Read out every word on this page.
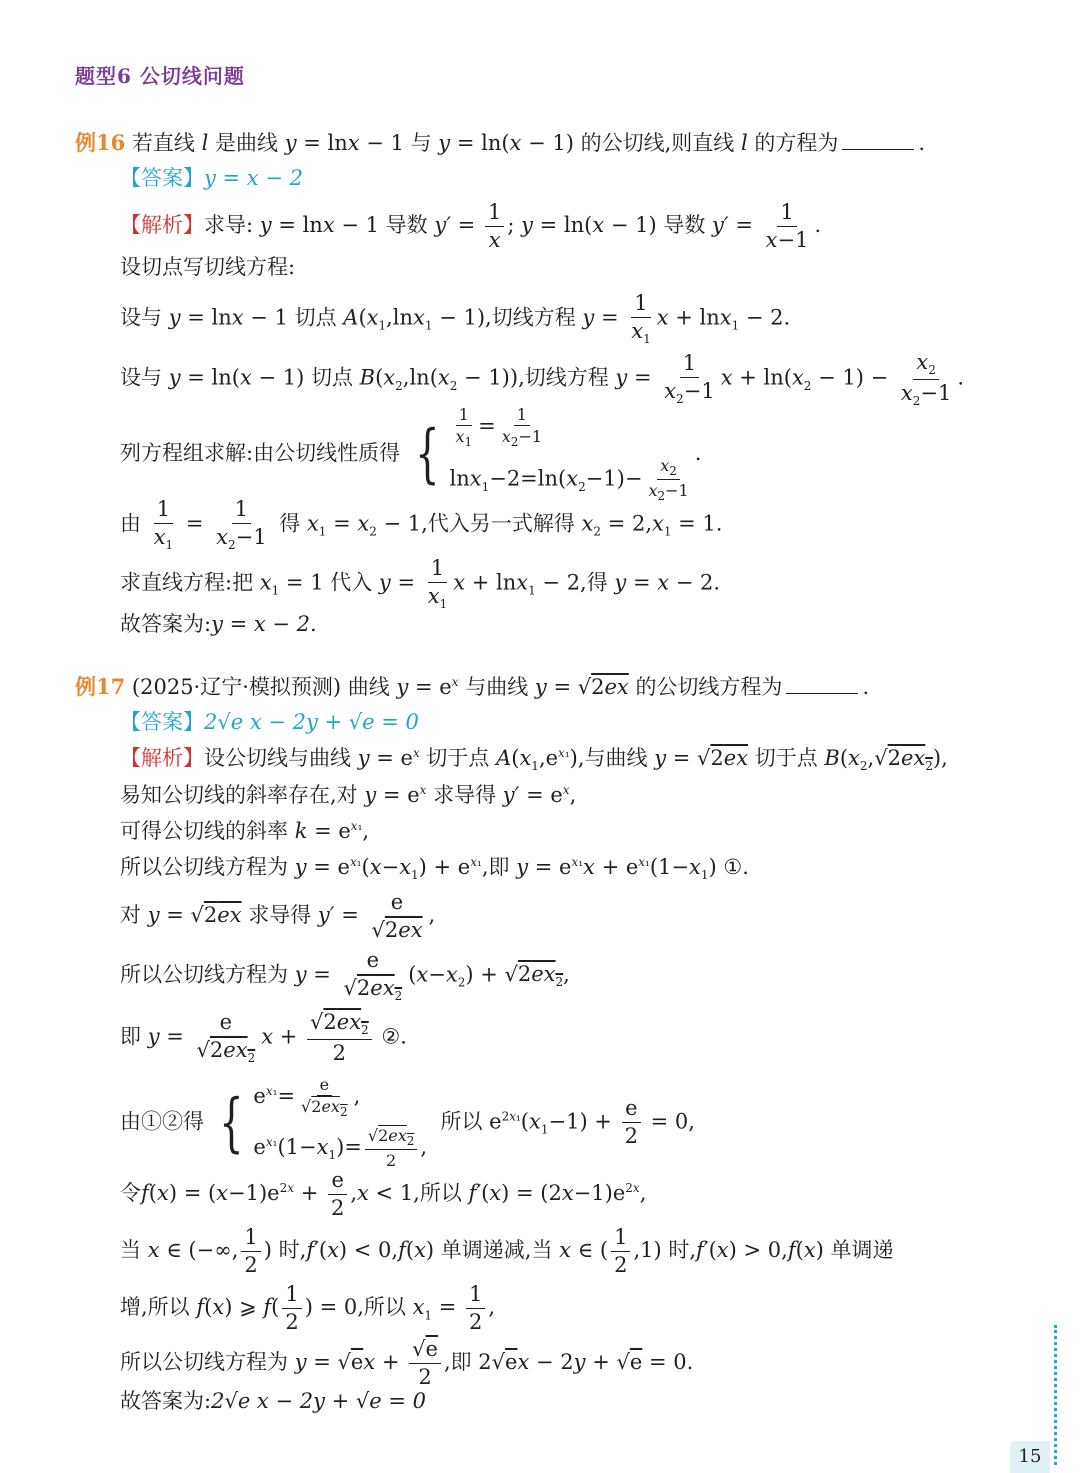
题型6 公切线问题
例16 若直线 l 是曲线 y = lnx − 1 与 y = ln(x − 1) 的公切线,则直线 l 的方程为	.
【答案】y = x − 2
【解析】求导: y = lnx − 1 导数 $y' = \frac{1}{x}$ ; y = ln(x − 1) 导数 $y' = \frac{1}{x-1}$ .
设切点写切线方程:
设与 y = lnx − 1 切点 $A(x_1,\ln x_1 - 1)$,切线方程 $y = \frac{1}{x_1}$ x + lnx$_1$ − 2.
设与 y = ln(x − 1) 切点 $B(x_2,\ln(x_2 - 1))$,切线方程 $y = \frac{1}{x_2-1}$ $x + \ln(x_2 - 1) - \frac{x_2}{x_2-1}$ .
列方程组求解:由公切线性质得 { $\frac{1}{x_1} = \frac{1}{x_2-1}$
$\ln x_1-2=\ln(x_2-1)- \frac{x_2}{x_2-1}$
.
由 $\frac{1}{x_1} = \frac{1}{x_2-1}$ 得 $x_1 = x_2 - 1$,代入另一式解得 $x_2 = 2,x_1 = 1$.
求直线方程:把 $x_1 = 1$ 代入 $y = \frac{1}{x_1}$ x + lnx$_1$ − 2,得 y = x − 2.
故答案为:y = x − 2.
例17 (2025·辽宁·模拟预测) 曲线 $y = e^x$ 与曲线 y = √2ex 的公切线方程为	.
【答案】2√e x − 2y + √e = 0
【解析】设公切线与曲线 $y = e^x$ 切于点 $A(x_1,e^{x_1})$,与曲线 y = √2ex 切于点 $B(x_2,√2ex_2)$,
易知公切线的斜率存在,对 $y = e^x$ 求导得 $y' = e^x$,
可得公切线的斜率 $k = e^{x_1}$,
所以公切线方程为 $y = e^{x_1}(x-x_1) + e^{x_1}$,即 $y = e^{x_1}x + e^{x_1}(1-x_1)$ ①.
对 y = √2ex 求导得 $y' = \frac{e}{√2ex}$ ,
所以公切线方程为 $y = \frac{e}{√2ex_2} (x-x_2) + √2ex_2$,
即 $y = \frac{e}{√2ex_2}$ $x + \frac{√2ex_2}{2}$ ②.
由①②得 { $e^{x_1}= \frac{e}{√2ex_2}$ ,
$e^{x_1}(1-x_1)= \frac{√2ex_2}{2}$ ,
所以 $e^{2x_1}(x_1-1) + \frac{e}{2} = 0$,
令$f(x) = (x-1)e^{2x} + \frac{e}{2} ,x < 1$,所以 $f'(x) = (2x-1)e^{2x}$,
当 x ∈ (−∞, $\frac{1}{2}$ ) 时,f′(x) < 0,f(x) 单调递减,当 x ∈ ( $\frac{1}{2} ,1$) 时,f′(x) > 0,f(x) 单调递
增,所以 f(x) ⩾ $f( \frac{1}{2}$ ) = 0,所以 $x_1 = \frac{1}{2}$ ,
所以公切线方程为 $y = √ex + \frac{√e}{2}$ ,即 2√ex − 2y + √e = 0.
故答案为:2√e x − 2y + √e = 0
15
